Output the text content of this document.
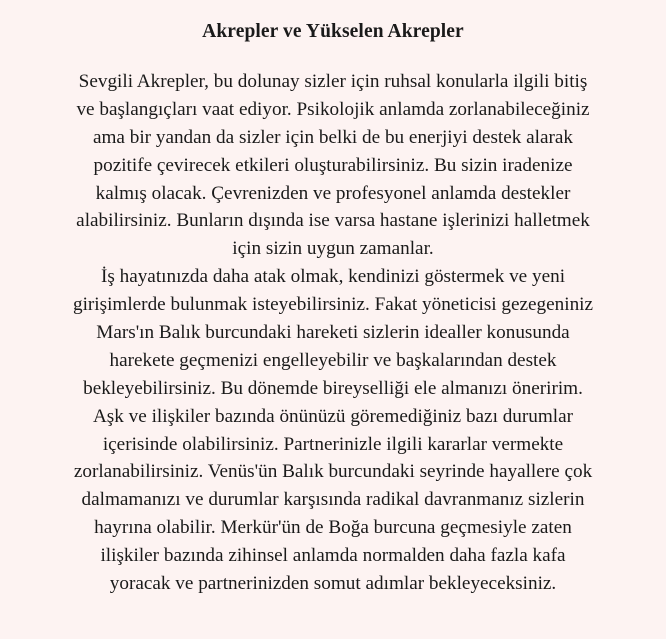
Akrepler ve Yükselen Akrepler
Sevgili Akrepler, bu dolunay sizler için ruhsal konularla ilgili bitiş
ve başlangıçları vaat ediyor. Psikolojik anlamda zorlanabileceğiniz
ama bir yandan da sizler için belki de bu enerjiyi destek alarak
pozitife çevirecek etkileri oluşturabilirsiniz. Bu sizin iradenize
kalmış olacak. Çevrenizden ve profesyonel anlamda destekler
alabilirsiniz. Bunların dışında ise varsa hastane işlerinizi halletmek
için sizin uygun zamanlar.
İş hayatınızda daha atak olmak, kendinizi göstermek ve yeni
girişimlerde bulunmak isteyebilirsiniz. Fakat yöneticisi gezegeniniz
Mars'ın Balık burcundaki hareketi sizlerin idealler konusunda
harekete geçmenizi engelleyebilir ve başkalarından destek
bekleyebilirsiniz. Bu dönemde bireyselliği ele almanızı öneririm.
Aşk ve ilişkiler bazında önünüzü göremediğiniz bazı durumlar
içerisinde olabilirsiniz. Partnerinizle ilgili kararlar vermekte
zorlanabilirsiniz. Venüs'ün Balık burcundaki seyrinde hayallere çok
dalmamanızı ve durumlar karşısında radikal davranmanız sizlerin
hayrına olabilir. Merkür'ün de Boğa burcuna geçmesiyle zaten
ilişkiler bazında zihinsel anlamda normalden daha fazla kafa
yoracak ve partnerinizden somut adımlar bekleyeceksiniz.
